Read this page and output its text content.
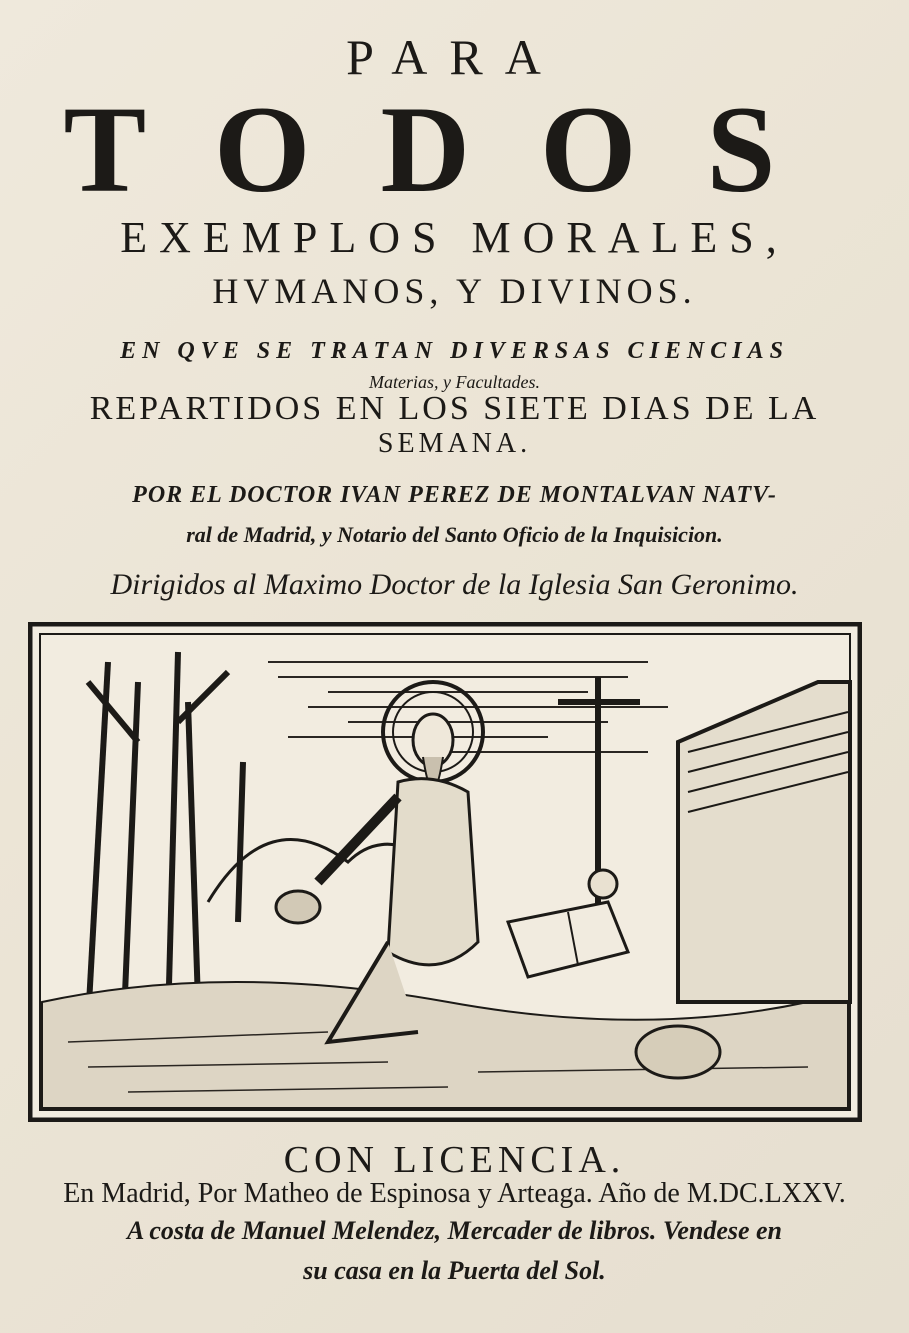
PARA
TODOS
EXEMPLOS MORALES,
HVMANOS, Y DIVINOS.
EN QVE SE TRATAN DIVERSAS CIENCIAS
Materias, y Facultades.
REPARTIDOS EN LOS SIETE DIAS DE LA
SEMANA.
POR EL DOCTOR IVAN PEREZ DE MONTALVAN NATV-
ral de Madrid, y Notario del Santo Oficio de la Inquisicion.
Dirigidos al Maximo Doctor de la Iglesia San Geronimo.
CON LICENCIA.
En Madrid, Por Matheo de Espinosa y Arteaga. Año de M.DC.LXXV.
A costa de Manuel Melendez, Mercader de libros. Vendese en
su casa en la Puerta del Sol.
